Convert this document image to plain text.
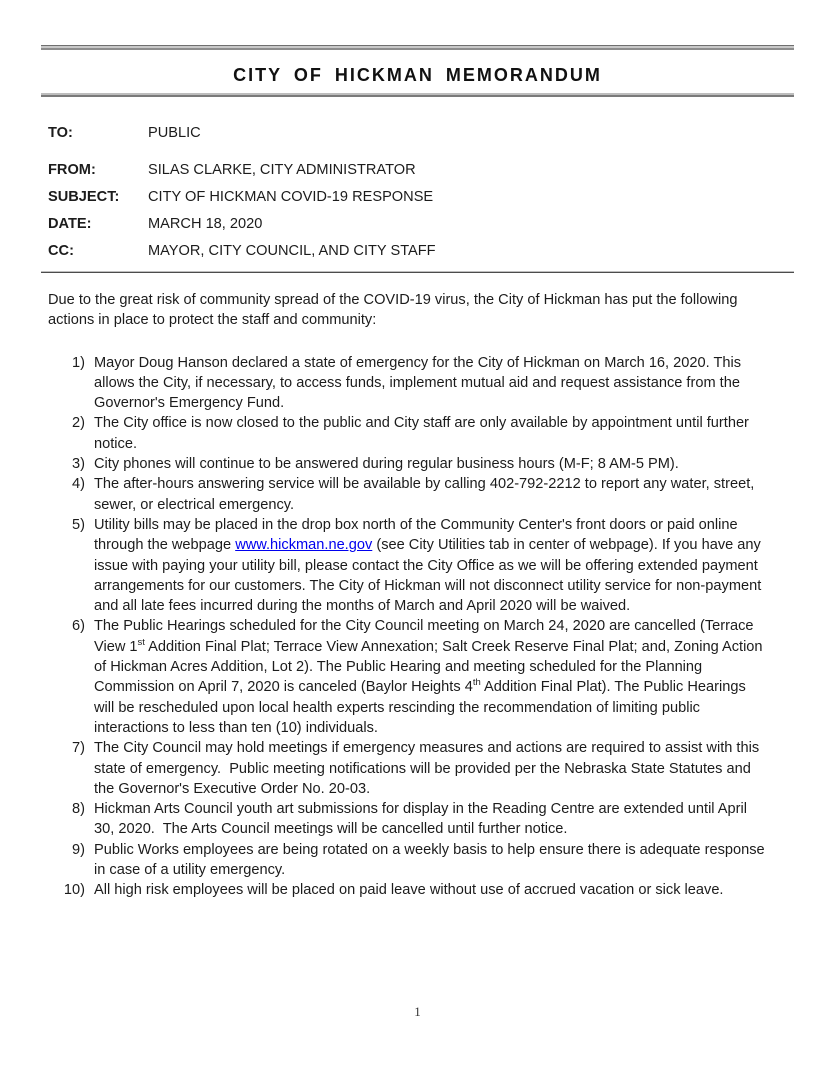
CITY OF HICKMAN MEMORANDUM
TO:	PUBLIC
FROM:	SILAS CLARKE, CITY ADMINISTRATOR
SUBJECT:	CITY OF HICKMAN COVID-19 RESPONSE
DATE:	MARCH 18, 2020
CC:	MAYOR, CITY COUNCIL, AND CITY STAFF

Due to the great risk of community spread of the COVID-19 virus, the City of Hickman has put the following actions in place to protect the staff and community:

1) Mayor Doug Hanson declared a state of emergency for the City of Hickman on March 16, 2020. This allows the City, if necessary, to access funds, implement mutual aid and request assistance from the Governor's Emergency Fund.
2) The City office is now closed to the public and City staff are only available by appointment until further notice.
3) City phones will continue to be answered during regular business hours (M-F; 8 AM-5 PM).
4) The after-hours answering service will be available by calling 402-792-2212 to report any water, street, sewer, or electrical emergency.
5) Utility bills may be placed in the drop box north of the Community Center's front doors or paid online through the webpage www.hickman.ne.gov (see City Utilities tab in center of webpage). If you have any issue with paying your utility bill, please contact the City Office as we will be offering extended payment arrangements for our customers. The City of Hickman will not disconnect utility service for non-payment and all late fees incurred during the months of March and April 2020 will be waived.
6) The Public Hearings scheduled for the City Council meeting on March 24, 2020 are cancelled (Terrace View 1st Addition Final Plat; Terrace View Annexation; Salt Creek Reserve Final Plat; and, Zoning Action of Hickman Acres Addition, Lot 2). The Public Hearing and meeting scheduled for the Planning Commission on April 7, 2020 is canceled (Baylor Heights 4th Addition Final Plat). The Public Hearings will be rescheduled upon local health experts rescinding the recommendation of limiting public interactions to less than ten (10) individuals.
7) The City Council may hold meetings if emergency measures and actions are required to assist with this state of emergency.  Public meeting notifications will be provided per the Nebraska State Statutes and the Governor's Executive Order No. 20-03.
8) Hickman Arts Council youth art submissions for display in the Reading Centre are extended until April 30, 2020.  The Arts Council meetings will be cancelled until further notice.
9) Public Works employees are being rotated on a weekly basis to help ensure there is adequate response in case of a utility emergency.
10) All high risk employees will be placed on paid leave without use of accrued vacation or sick leave.
1
